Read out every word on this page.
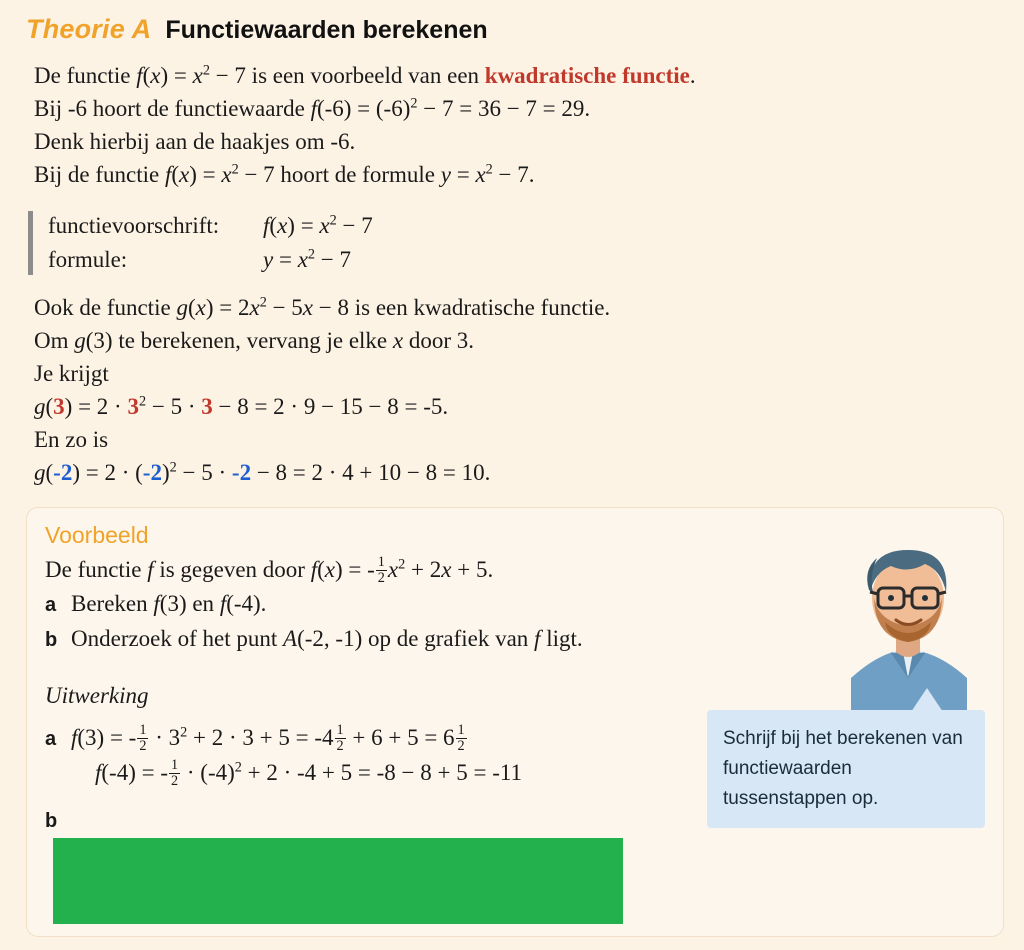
Theorie A Functiewaarden berekenen
De functie $f(x) = x^2 - 7$ is een voorbeeld van een kwadratische functie.
Bij -6 hoort de functiewaarde $f(-6) = (-6)^2 - 7 = 36 - 7 = 29$.
Denk hierbij aan de haakjes om -6.
Bij de functie $f(x) = x^2 - 7$ hoort de formule $y = x^2 - 7$.
functievoorschrift:	$f(x) = x^2 - 7$
formule:	$y = x^2 - 7$
Ook de functie $g(x) = 2x^2 - 5x - 8$ is een kwadratische functie.
Om g(3) te berekenen, vervang je elke x door 3.
Je krijgt
$g(3) = 2 \cdot 3^2 - 5 \cdot 3 - 8 = 2 \cdot 9 - 15 - 8 = -5$.
En zo is
$g(-2) = 2 \cdot (-2)^2 - 5 \cdot -2 - 8 = 2 \cdot 4 + 10 - 8 = 10$.
Voorbeeld
De functie f is gegeven door f(x) = - $\frac{1}{2} x^2 + 2x + 5$.
a Bereken f(3) en f(-4).
b Onderzoek of het punt A(-2, -1) op de grafiek van f ligt.
Uitwerking
a f(3) = - $\frac{1}{2} \cdot 3^2 + 2 \cdot 3 + 5 = -4 \frac{1}{2} + 6 + 5 = 6 \frac{1}{2}$
f(-4) = - $\frac{1}{2} \cdot (-4)^2 + 2 \cdot -4 + 5 = -8 - 8 + 5 = -11$
b
Schrijf bij het berekenen van functiewaarden tussenstappen op.
